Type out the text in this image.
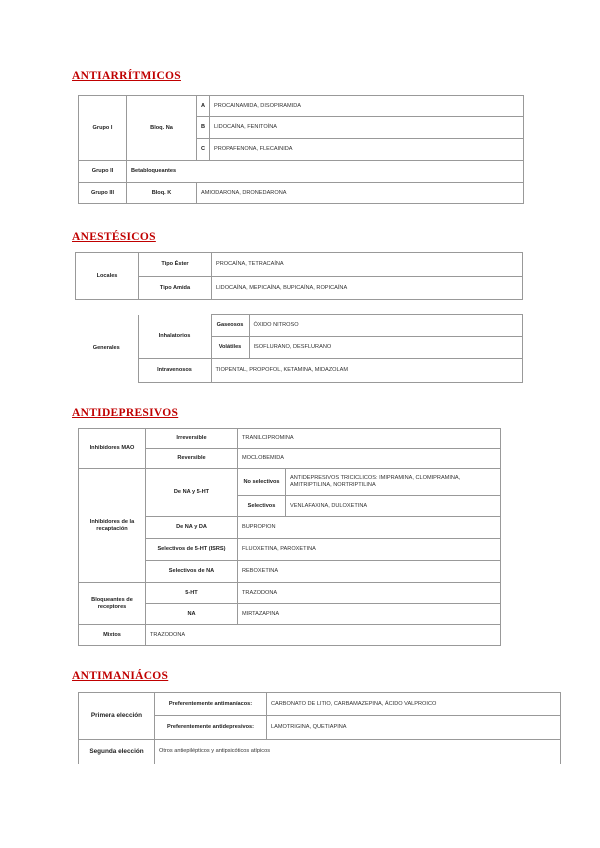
ANTIARRÍTMICOS
Grupo I	Bloq. Na	A	PROCAINAMIDA, DISOPIRAMIDA
		B	LIDOCAÍNA, FENITOÍNA
		C	PROPAFENONA, FLECAINIDA
Grupo II	Betabloqueantes		
Grupo III	Bloq. K	AMIODARONA, DRONEDARONA	
ANESTÉSICOS
Locales	Tipo Éster	PROCAÍNA, TETRACAÍNA
	Tipo Amida	LIDOCAÍNA, MEPICAÍNA, BUPICAÍNA, ROPICAÍNA
Generales	Inhalatorios	Gaseosos	ÓXIDO NITROSO
		Volátiles	ISOFLURANO, DESFLURANO
	Intravenosos	TIOPENTAL, PROPOFOL, KETAMINA, MIDAZOLAM	
ANTIDEPRESIVOS
Inhibidores MAO	Irreversible	TRANILCIPROMINA	
	Reversible	MOCLOBEMIDA	
Inhibidores de la recaptación	De NA y 5-HT	No selectivos	ANTIDEPRESIVOS TRICICLICOS: IMIPRAMINA, CLOMIPRAMINA, AMITRIPTILINA, NORTRIPTILINA
		Selectivos	VENLAFAXINA, DULOXETINA
	De NA y DA	BUPROPION	
	Selectivos de 5-HT (ISRS)	FLUOXETINA, PAROXETINA	
	Selectivos de NA	REBOXETINA	
Bloqueantes de receptores	5-HT	TRAZODONA	
	NA	MIRTAZAPINA	
Mixtos	TRAZODONA		
ANTIMANIÁCOS
Primera elección	Preferentemente antimaníacos:	CARBONATO DE LITIO, CARBAMAZEPINA, ÁCIDO VALPROICO
	Preferentemente antidepresivos:	LAMOTRIGINA, QUETIAPINA
Segunda elección	Otros antiepilépticos y antipsicóticos atípicos	
